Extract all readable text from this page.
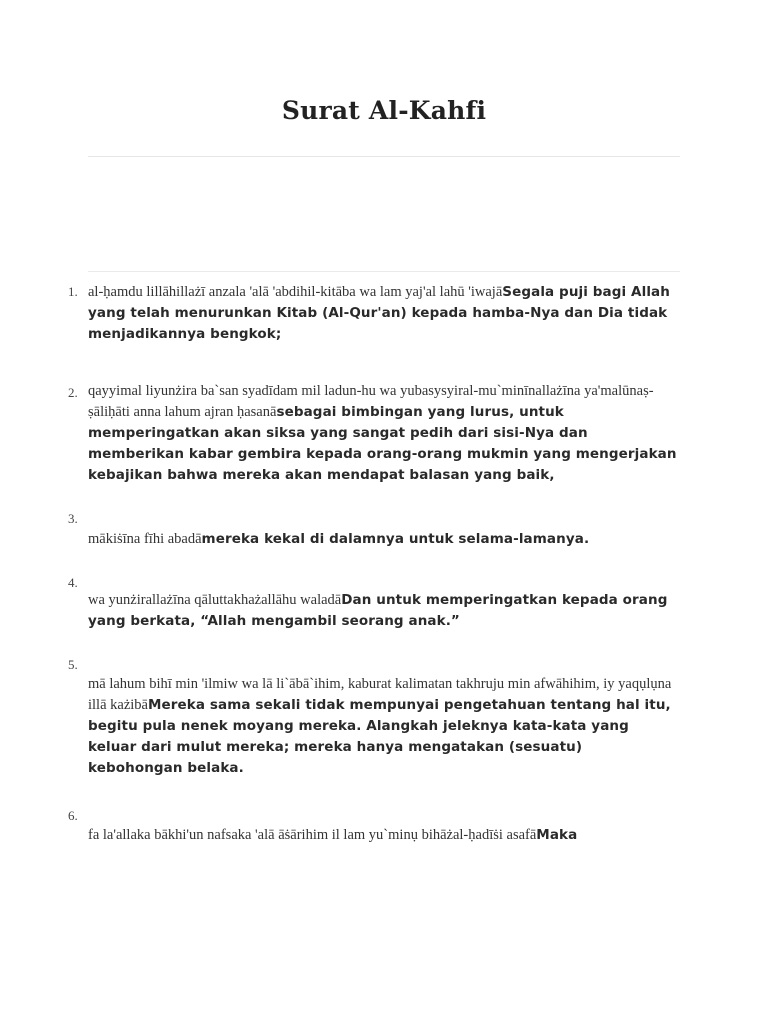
Surat Al-Kahfi
1. al-ḥamdu lillāhillażī anzala 'alā 'abdihil-kitāba wa lam yaj'al lahū 'iwajāSegala puji bagi Allah yang telah menurunkan Kitab (Al-Qur'an) kepada hamba-Nya dan Dia tidak menjadikannya bengkok;
2. qayyimal liyunżira ba`san syadīdam mil ladun-hu wa yubasysyiral-mu`minīnallażīna ya'malūnaṣ-ṣāliḥāti anna lahum ajran ḥasanāsebagai bimbingan yang lurus, untuk memperingatkan akan siksa yang sangat pedih dari sisi-Nya dan memberikan kabar gembira kepada orang-orang mukmin yang mengerjakan kebajikan bahwa mereka akan mendapat balasan yang baik,
3.
mākiṡīna fīhi abadāmereka kekal di dalamnya untuk selama-lamanya.
4.
wa yunżirallażīna qāluttakhażallāhu waladāDan untuk memperingatkan kepada orang yang berkata, “Allah mengambil seorang anak.”
5.
mā lahum bihī min 'ilmiw wa lā li`ābā`ihim, kaburat kalimatan takhruju min afwāhihim, iy yaqụlụna illā każibāMereka sama sekali tidak mempunyai pengetahuan tentang hal itu, begitu pula nenek moyang mereka. Alangkah jeleknya kata-kata yang keluar dari mulut mereka; mereka hanya mengatakan (sesuatu) kebohongan belaka.
6.
fa la'allaka bākhi'un nafsaka 'alā āṡārihim il lam yu`minụ bihāżal-ḥadīṡi asafāMaka
